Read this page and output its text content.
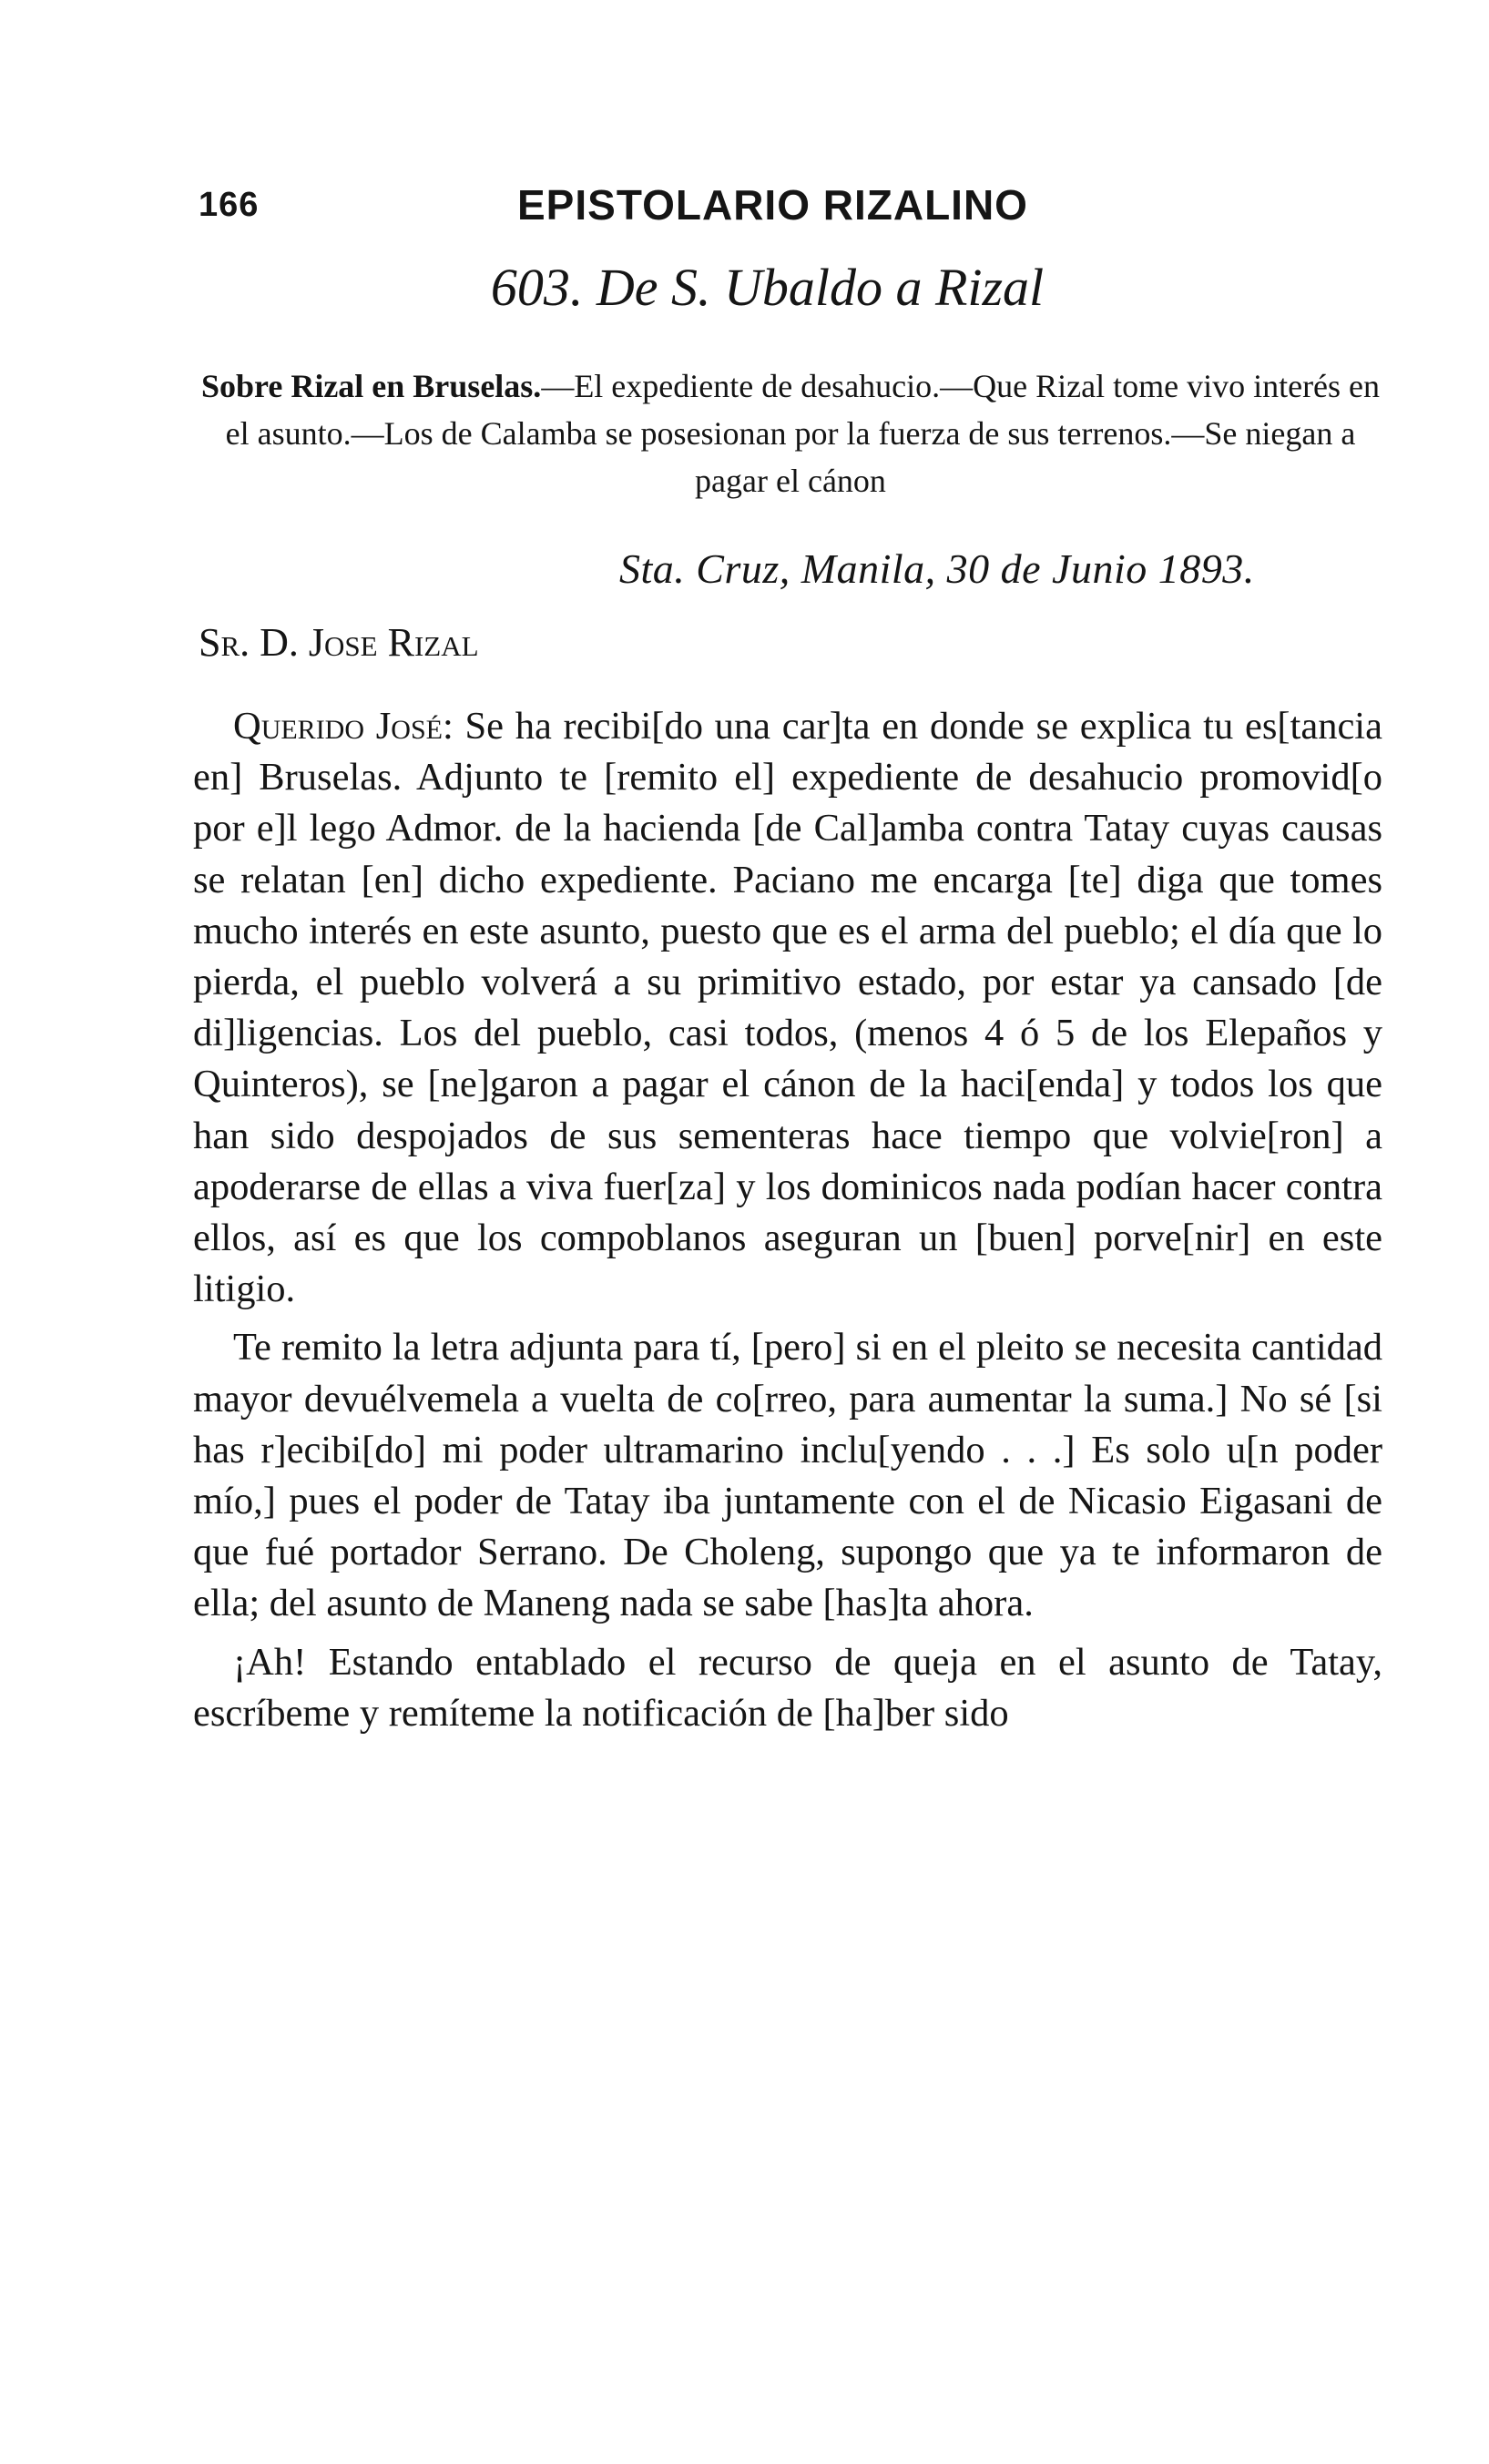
166	EPISTOLARIO RIZALINO
603. De S. Ubaldo a Rizal
Sobre Rizal en Bruselas.—El expediente de desahucio.—Que Rizal tome vivo interés en el asunto.—Los de Calamba se posesionan por la fuerza de sus terrenos.—Se niegan a pagar el cánon
Sta. Cruz, Manila, 30 de Junio 1893.
Sr. D. Jose Rizal

Querido José: Se ha recibi[do una car]ta en donde se explica tu es[tancia en] Bruselas. Adjunto te [remito el] expediente de desahucio promovid[o por e]l lego Admor. de la hacienda [de Cal]amba contra Tatay cuyas causas se relatan [en] dicho expediente. Paciano me encarga [te] diga que tomes mucho interés en este asunto, puesto que es el arma del pueblo; el día que lo pierda, el pueblo volverá a su primitivo estado, por estar ya cansado [de di]ligencias. Los del pueblo, casi todos, (menos 4 ó 5 de los Elepaños y Quinteros), se [ne]garon a pagar el cánon de la haci[enda] y todos los que han sido despojados de sus sementeras hace tiempo que volvie[ron] a apoderarse de ellas a viva fuer[za] y los dominicos nada podían hacer contra ellos, así es que los compoblanos aseguran un [buen] porve[nir] en este litigio.

Te remito la letra adjunta para tí, [pero] si en el pleito se necesita cantidad mayor devuélvemela a vuelta de co[rreo, para aumentar la suma.] No sé [si has r]ecibi[do] mi poder ultramarino inclu[yendo . . .] Es solo u[n poder mío,] pues el poder de Tatay iba juntamente con el de Nicasio Eigasani de que fué portador Serrano. De Choleng, supongo que ya te informaron de ella; del asunto de Maneng nada se sabe [has]ta ahora.

¡Ah! Estando entablado el recurso de queja en el asunto de Tatay, escríbeme y remíteme la notificación de [ha]ber sido
